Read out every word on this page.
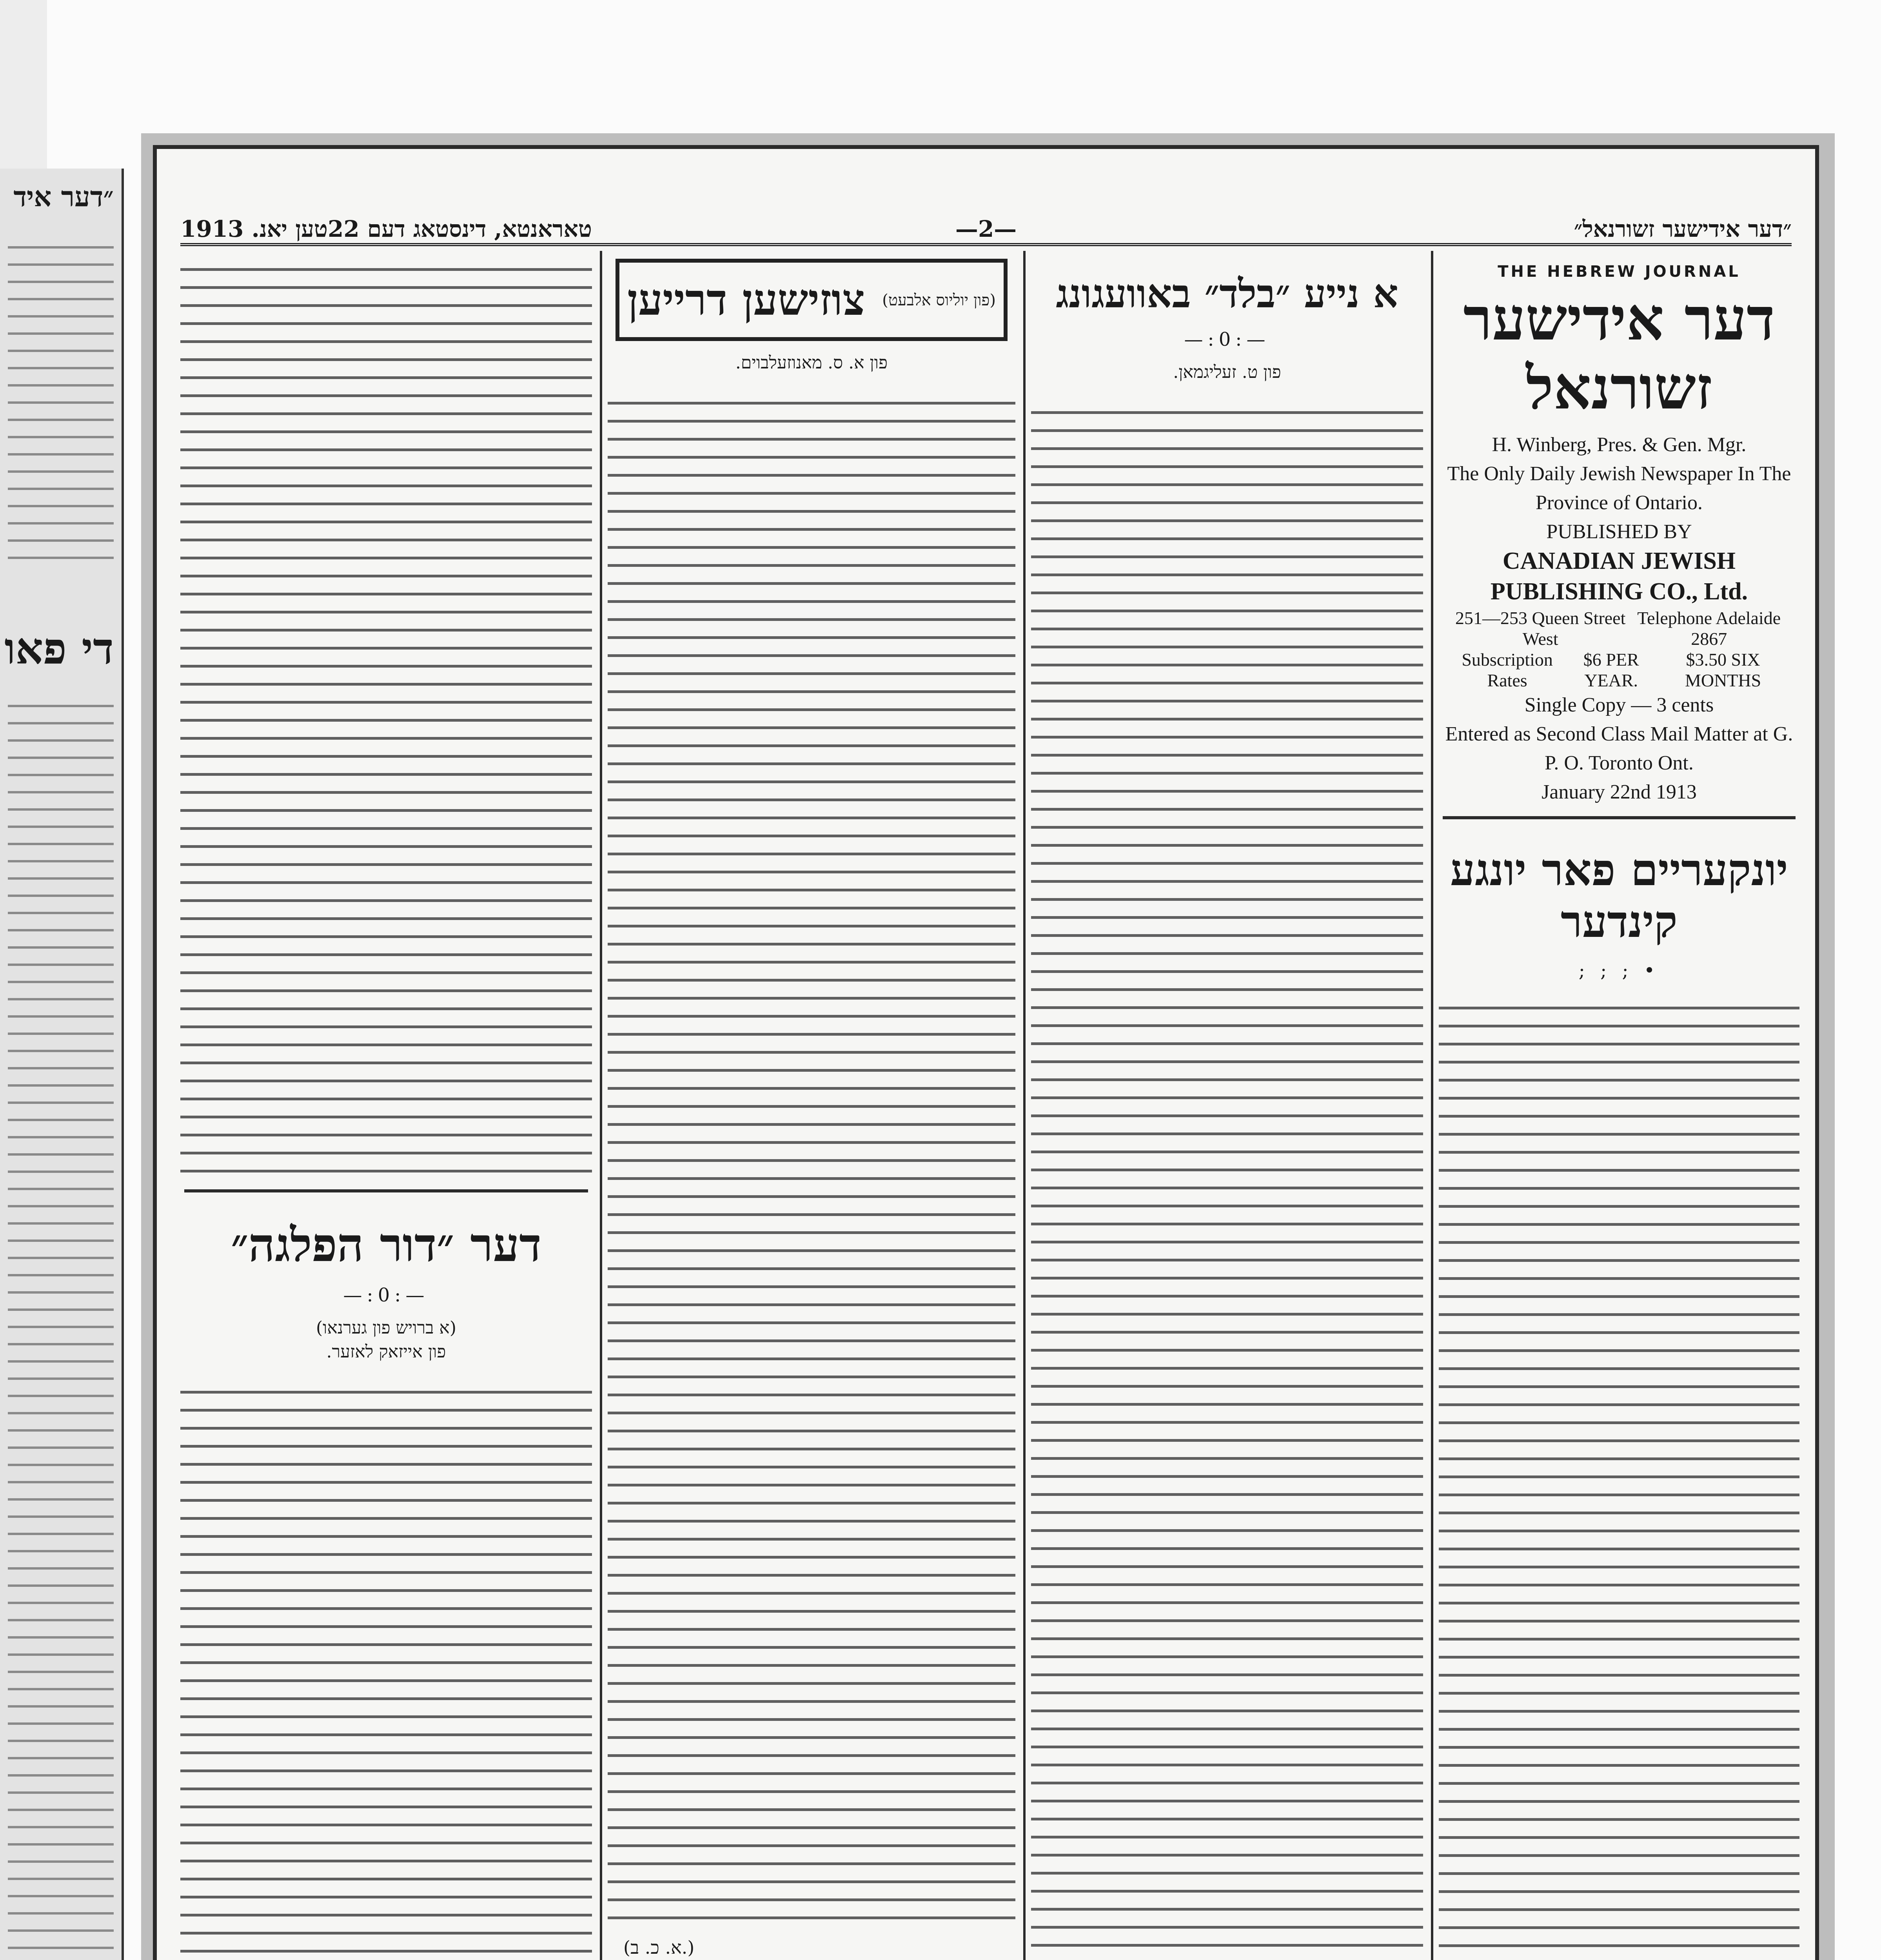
״דער איד
די פאו
״דער אידישער זשורנאל״
—2—
טאראנטא, דינסטאג דעם 22טען יאנ. 1913
THE HEBREW JOURNAL
דער אידישער זשורנאל
H. Winberg, Pres. & Gen. Mgr.
The Only Daily Jewish Newspaper In The Province of Ontario.
PUBLISHED BY
CANADIAN JEWISH PUBLISHING CO., Ltd.
251—253 Queen Street West
Telephone Adelaide 2867
Subscription Rates
$6 PER YEAR.
$3.50 SIX MONTHS
Single Copy — 3 cents
Entered as Second Class Mail Matter at G. P. O. Toronto Ont.
January 22nd 1913
יונקעריים פאר יונגע קינדער
• ; ; ;
א נייע ״בלד״ באוועגונג
—:0:—
פון ט. זעליגמאן.
(פון יוליוס אלבעט)
צוזישען דרייען
פון א. ס. מאנוזעלבוים.
(א. כ. ב.)
דער ״דור הפלגה״
—:0:—
(א ברויש פון גערנאו)
פון אייזאק לאזער.
